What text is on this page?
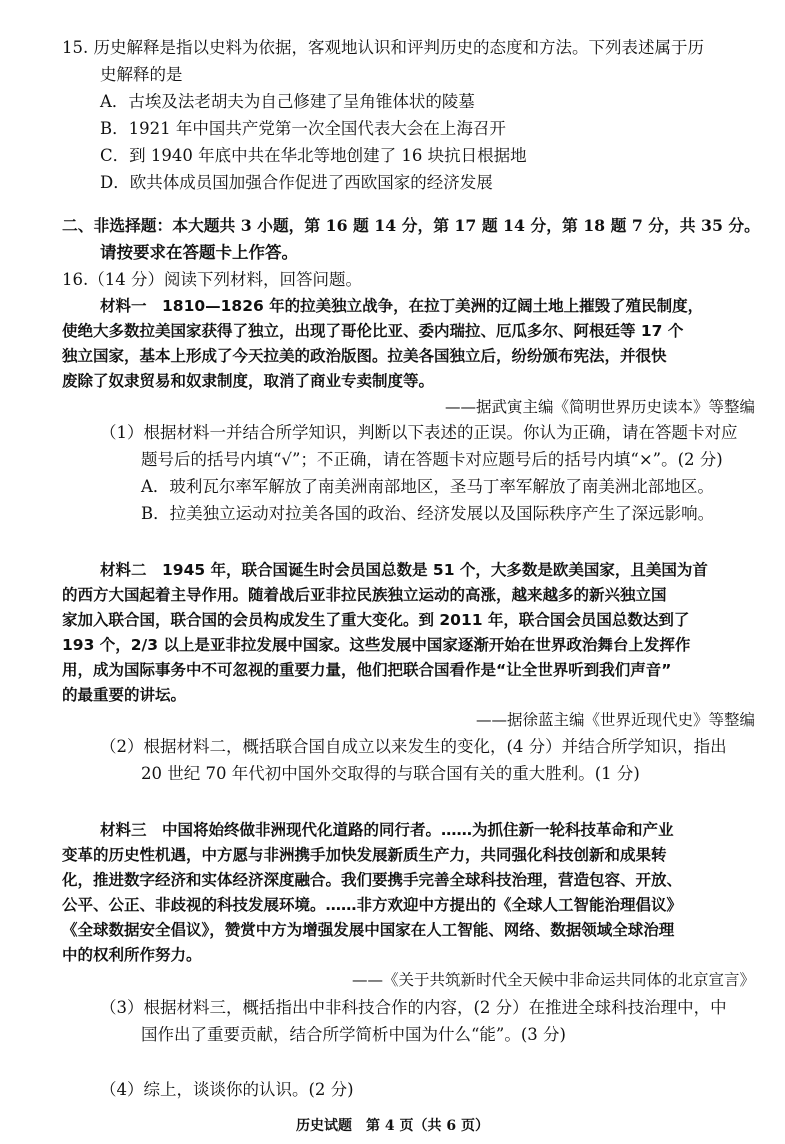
15. 历史解释是指以史料为依据，客观地认识和评判历史的态度和方法。下列表述属于历
史解释的是
A．古埃及法老胡夫为自己修建了呈角锥体状的陵墓
B．1921 年中国共产党第一次全国代表大会在上海召开
C．到 1940 年底中共在华北等地创建了 16 块抗日根据地
D．欧共体成员国加强合作促进了西欧国家的经济发展
二、非选择题：本大题共 3 小题，第 16 题 14 分，第 17 题 14 分，第 18 题 7 分，共 35 分。
请按要求在答题卡上作答。
16.（14 分）阅读下列材料，回答问题。
材料一　1810—1826 年的拉美独立战争，在拉丁美洲的辽阔土地上摧毁了殖民制度，
使绝大多数拉美国家获得了独立，出现了哥伦比亚、委内瑞拉、厄瓜多尔、阿根廷等 17 个
独立国家，基本上形成了今天拉美的政治版图。拉美各国独立后，纷纷颁布宪法，并很快
废除了奴隶贸易和奴隶制度，取消了商业专卖制度等。
——据武寅主编《简明世界历史读本》等整编
（1）根据材料一并结合所学知识，判断以下表述的正误。你认为正确，请在答题卡对应
题号后的括号内填“√”；不正确，请在答题卡对应题号后的括号内填“×”。(2 分)
A．玻利瓦尔率军解放了南美洲南部地区，圣马丁率军解放了南美洲北部地区。
B．拉美独立运动对拉美各国的政治、经济发展以及国际秩序产生了深远影响。
材料二　1945 年，联合国诞生时会员国总数是 51 个，大多数是欧美国家，且美国为首
的西方大国起着主导作用。随着战后亚非拉民族独立运动的高涨，越来越多的新兴独立国
家加入联合国，联合国的会员构成发生了重大变化。到 2011 年，联合国会员国总数达到了
193 个，2/3 以上是亚非拉发展中国家。这些发展中国家逐渐开始在世界政治舞台上发挥作
用，成为国际事务中不可忽视的重要力量，他们把联合国看作是“让全世界听到我们声音”
的最重要的讲坛。
——据徐蓝主编《世界近现代史》等整编
（2）根据材料二，概括联合国自成立以来发生的变化，(4 分）并结合所学知识，指出
20 世纪 70 年代初中国外交取得的与联合国有关的重大胜利。(1 分)
材料三　中国将始终做非洲现代化道路的同行者。……为抓住新一轮科技革命和产业
变革的历史性机遇，中方愿与非洲携手加快发展新质生产力，共同强化科技创新和成果转
化，推进数字经济和实体经济深度融合。我们要携手完善全球科技治理，营造包容、开放、
公平、公正、非歧视的科技发展环境。……非方欢迎中方提出的《全球人工智能治理倡议》
《全球数据安全倡议》，赞赏中方为增强发展中国家在人工智能、网络、数据领域全球治理
中的权利所作努力。
——《关于共筑新时代全天候中非命运共同体的北京宣言》
（3）根据材料三，概括指出中非科技合作的内容，(2 分）在推进全球科技治理中，中
国作出了重要贡献，结合所学简析中国为什么“能”。(3 分)
（4）综上，谈谈你的认识。(2 分)
历史试题　第 4 页（共 6 页）
